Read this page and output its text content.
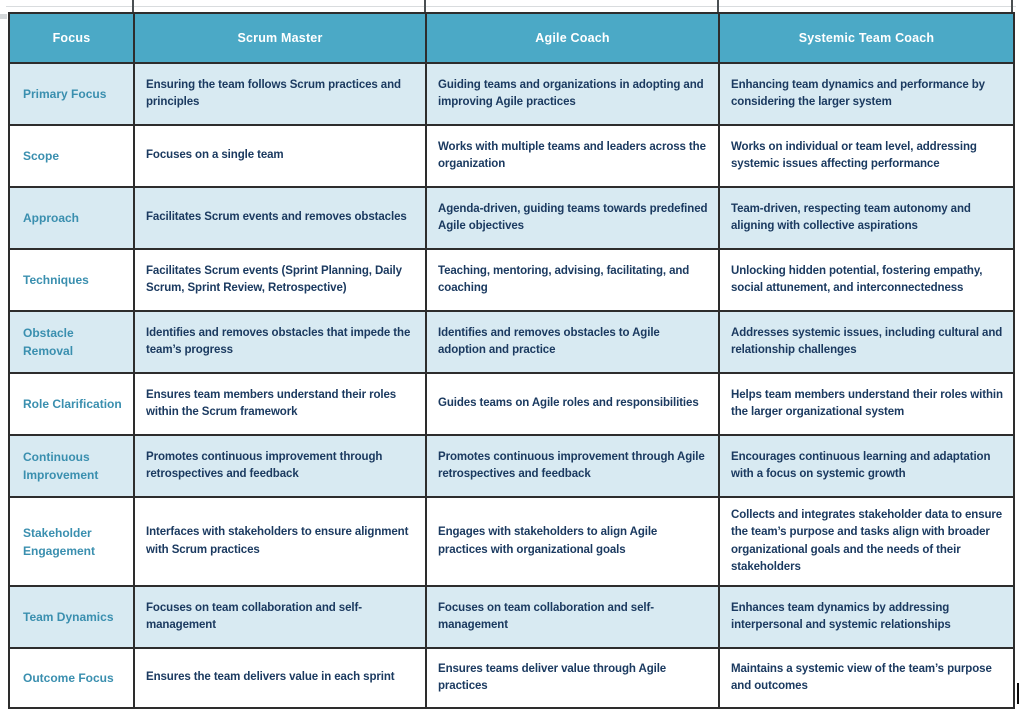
Focus	Scrum Master	Agile Coach	Systemic Team Coach
Primary Focus	Ensuring the team follows Scrum practices and principles	Guiding teams and organizations in adopting and improving Agile practices	Enhancing team dynamics and performance by considering the larger system
Scope	Focuses on a single team	Works with multiple teams and leaders across the organization	Works on individual or team level, addressing systemic issues affecting performance
Approach	Facilitates Scrum events and removes obstacles	Agenda-driven, guiding teams towards predefined Agile objectives	Team-driven, respecting team autonomy and aligning with collective aspirations
Techniques	Facilitates Scrum events (Sprint Planning, Daily Scrum, Sprint Review, Retrospective)	Teaching, mentoring, advising, facilitating, and coaching	Unlocking hidden potential, fostering empathy, social attunement, and interconnectedness
Obstacle Removal	Identifies and removes obstacles that impede the team’s progress	Identifies and removes obstacles to Agile adoption and practice	Addresses systemic issues, including cultural and relationship challenges
Role Clarification	Ensures team members understand their roles within the Scrum framework	Guides teams on Agile roles and responsibilities	Helps team members understand their roles within the larger organizational system
Continuous Improvement	Promotes continuous improvement through retrospectives and feedback	Promotes continuous improvement through Agile retrospectives and feedback	Encourages continuous learning and adaptation with a focus on systemic growth
Stakeholder Engagement	Interfaces with stakeholders to ensure alignment with Scrum practices	Engages with stakeholders to align Agile practices with organizational goals	Collects and integrates stakeholder data to ensure the team’s purpose and tasks align with broader organizational goals and the needs of their stakeholders
Team Dynamics	Focuses on team collaboration and self-management	Focuses on team collaboration and self-management	Enhances team dynamics by addressing interpersonal and systemic relationships
Outcome Focus	Ensures the team delivers value in each sprint	Ensures teams deliver value through Agile practices	Maintains a systemic view of the team’s purpose and outcomes
